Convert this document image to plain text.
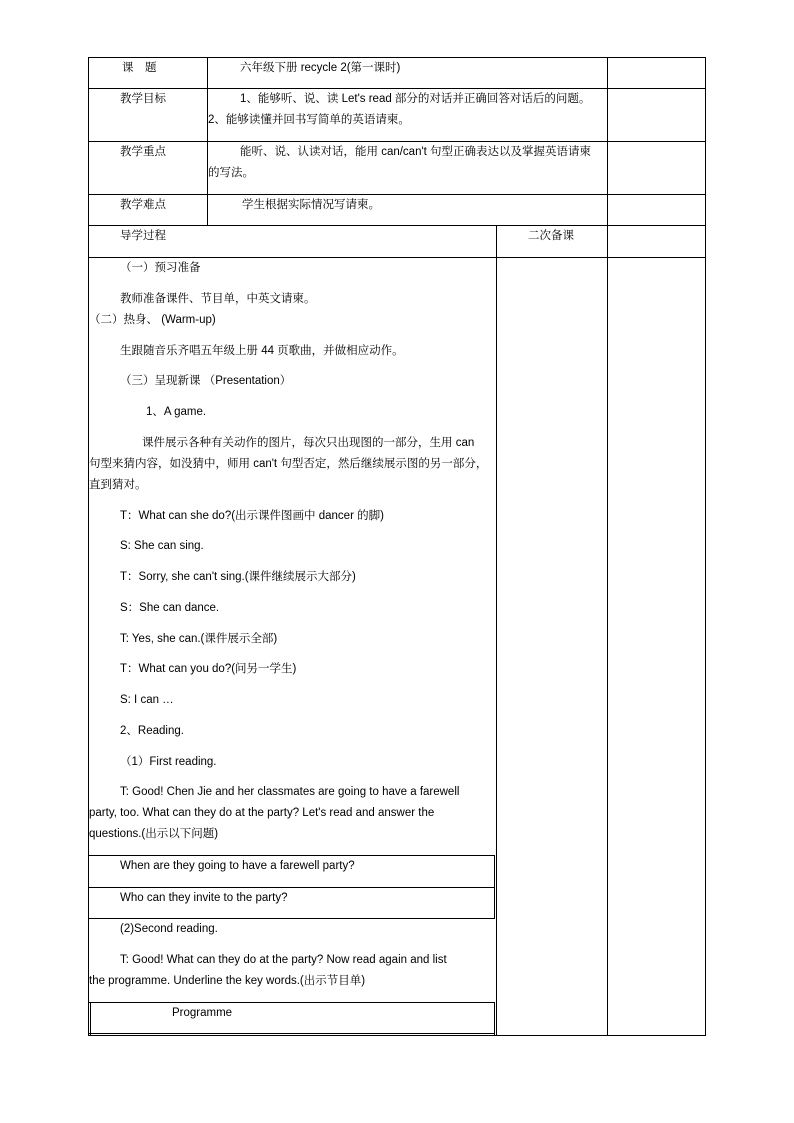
课　题	六年级下册 recycle 2(第一课时)
教学目标	1、能够听、说、读 Let's read 部分的对话并正确回答对话后的问题。
2、能够读懂并回书写简单的英语请柬。
教学重点	能听、说、认读对话，能用 can/can't 句型正确表达以及掌握英语请柬
的写法。
教学难点	学生根据实际情况写请柬。
导学过程	二次备课
（一）预习准备
教师准备课件、节目单，中英文请柬。
（二）热身、 (Warm-up)
生跟随音乐齐唱五年级上册 44 页歌曲，并做相应动作。
（三）呈现新课 （Presentation）
1、A game.
课件展示各种有关动作的图片，每次只出现图的一部分，生用 can
句型来猜内容，如没猜中，师用 can't 句型否定，然后继续展示图的另一部分，
直到猜对。
T：What can she do?(出示课件图画中 dancer 的脚)
S: She can sing.
T：Sorry, she can't sing.(课件继续展示大部分)
S：She can dance.
T: Yes, she can.(课件展示全部)
T：What can you do?(问另一学生)
S: I can …
2、Reading.
（1）First reading.
T: Good! Chen Jie and her classmates are going to have a farewell
party, too. What can they do at the party? Let's read and answer the
questions.(出示以下问题)
When are they going to have a farewell party?
Who can they invite to the party?
(2)Second reading.
T: Good! What can they do at the party? Now read again and list
the programme. Underline the key words.(出示节目单)
Programme
